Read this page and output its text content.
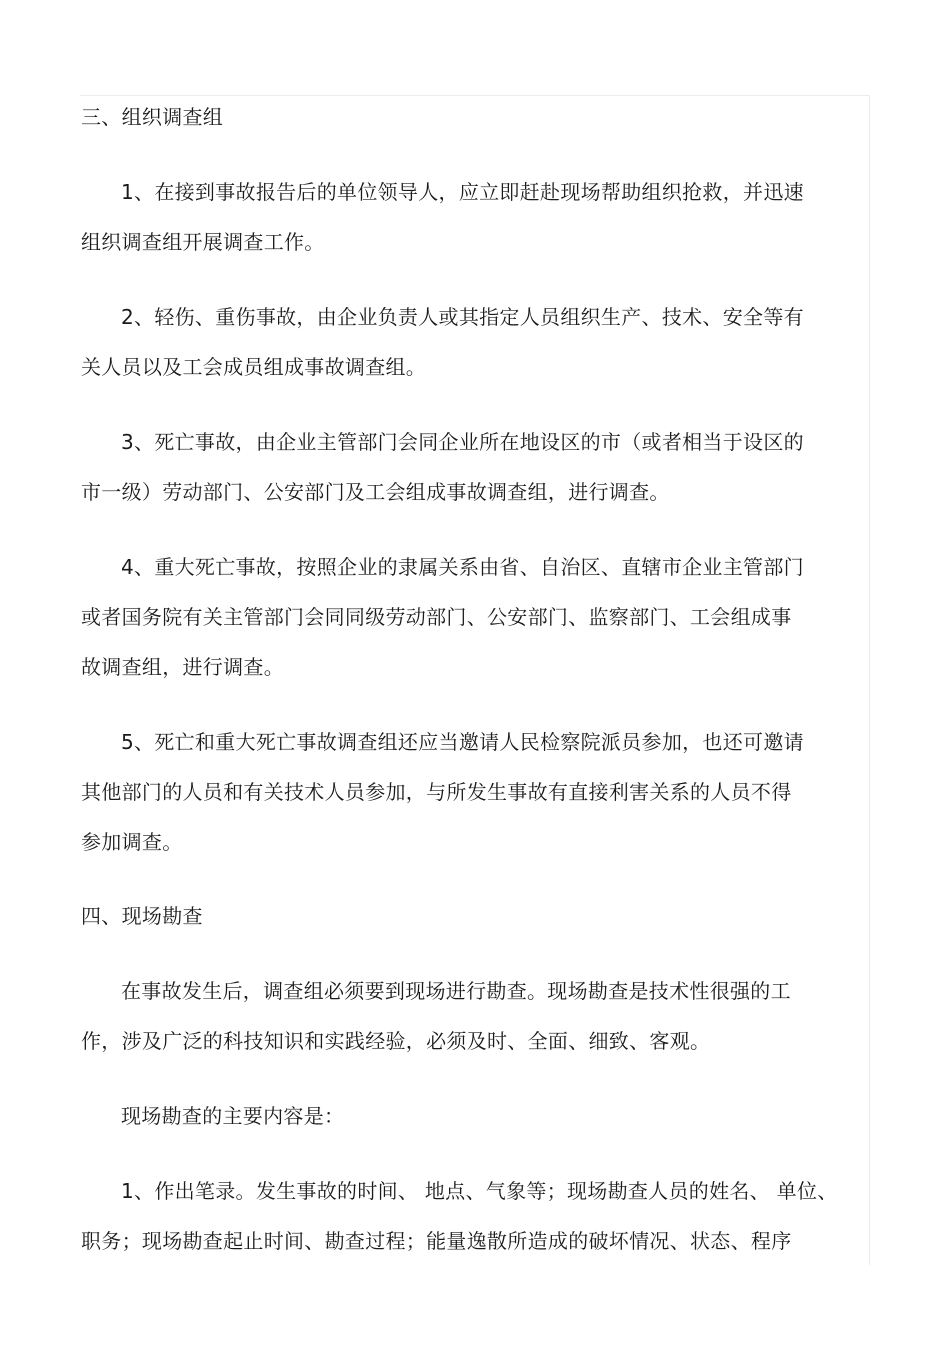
三、组织调查组

1、在接到事故报告后的单位领导人，应立即赶赴现场帮助组织抢救，并迅速

组织调查组开展调查工作。

2、轻伤、重伤事故，由企业负责人或其指定人员组织生产、技术、安全等有

关人员以及工会成员组成事故调查组。

3、死亡事故，由企业主管部门会同企业所在地设区的市（或者相当于设区的

市一级）劳动部门、公安部门及工会组成事故调查组，进行调查。

4、重大死亡事故，按照企业的隶属关系由省、自治区、直辖市企业主管部门

或者国务院有关主管部门会同同级劳动部门、公安部门、监察部门、工会组成事

故调查组，进行调查。

5、死亡和重大死亡事故调查组还应当邀请人民检察院派员参加，也还可邀请

其他部门的人员和有关技术人员参加，与所发生事故有直接利害关系的人员不得

参加调查。

四、现场勘查

在事故发生后，调查组必须要到现场进行勘查。现场勘查是技术性很强的工

作，涉及广泛的科技知识和实践经验，必须及时、全面、细致、客观。

现场勘查的主要内容是：

1、作出笔录。发生事故的时间、 地点、气象等；现场勘查人员的姓名、 单位、

职务；现场勘查起止时间、勘查过程；能量逸散所造成的破坏情况、状态、程序
